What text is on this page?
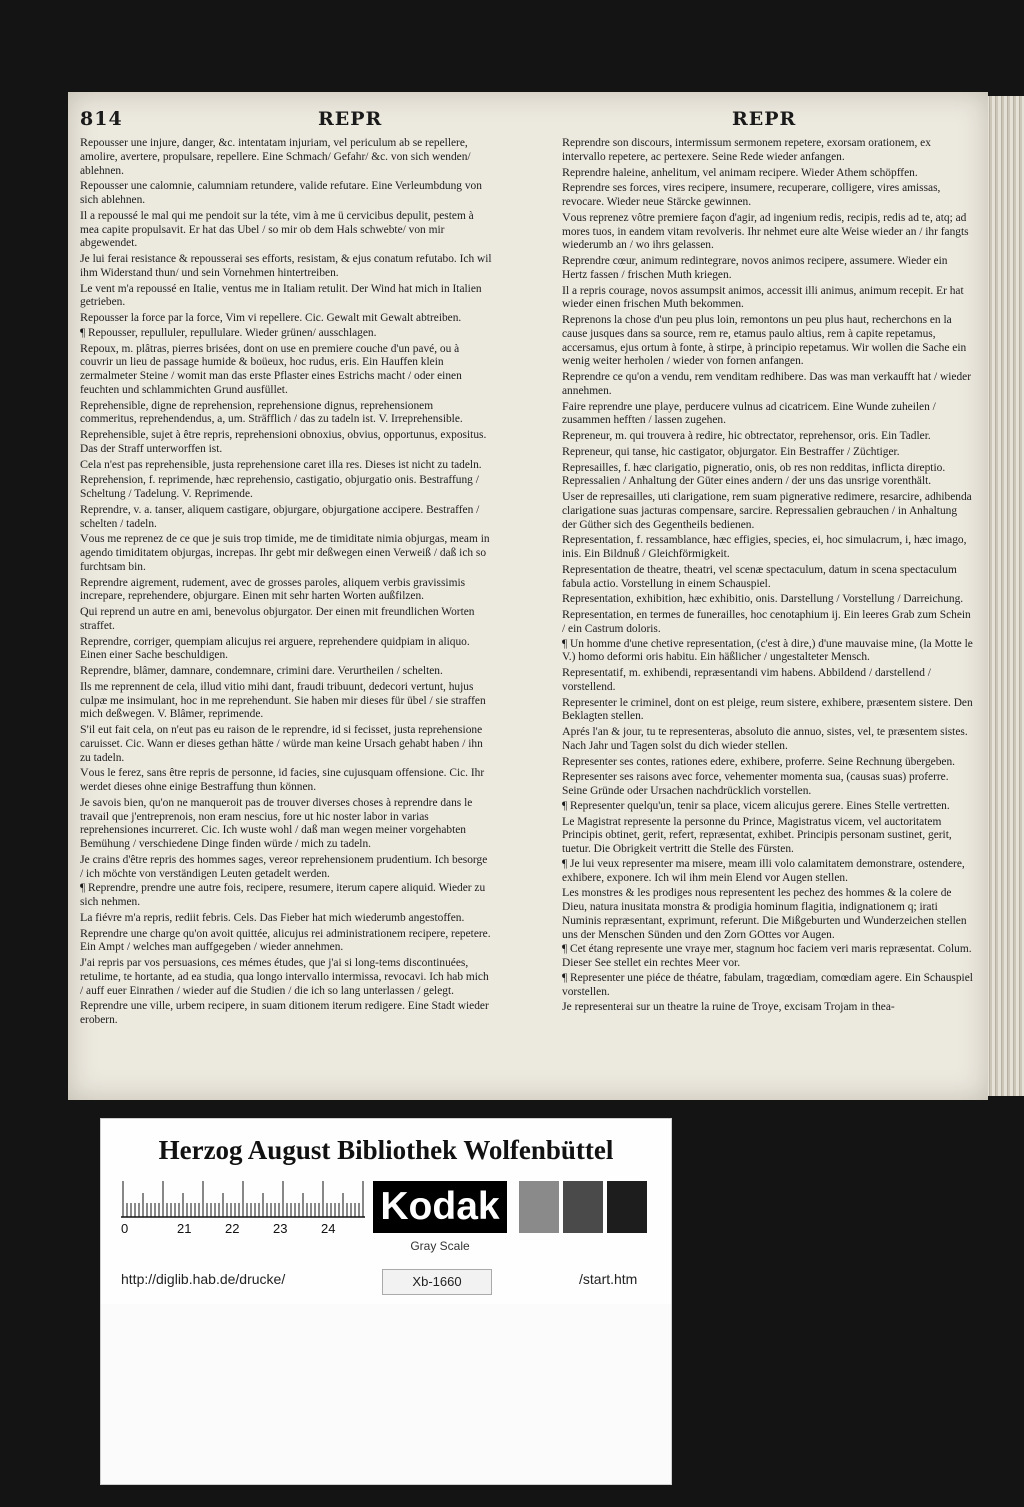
814	REPR	REPR

Repousser une injure, danger, &c. intentatam injuriam, vel periculum ab se repellere, amolire, avertere, propulsare, repellere. Eine Schmach/ Gefahr/ &c. von sich wenden/ ablehnen.

Repousser une calomnie, calumniam retundere, valide refutare. Eine Verleumbdung von sich ablehnen.

Il a repoussé le mal qui me pendoit sur la téte, vim à me ü cervicibus depulit, pestem à mea capite propulsavit. Er hat das Ubel / so mir ob dem Hals schwebte/ von mir abgewendet.

Je lui ferai resistance & repousserai ses efforts, resistam, & ejus conatum refutabo. Ich wil ihm Widerstand thun/ und sein Vornehmen hintertreiben.

Le vent m'a repoussé en Italie, ventus me in Italiam retulit. Der Wind hat mich in Italien getrieben.

Repousser la force par la force, Vim vi repellere. Cic. Gewalt mit Gewalt abtreiben.

¶ Repousser, repulluler, repullulare. Wieder grünen/ ausschlagen.

Repoux, m. plâtras, pierres brisées, dont on use en premiere couche d'un pavé, ou à couvrir un lieu de passage humide & boüeux, hoc rudus, eris. Ein Hauffen klein zermalmeter Steine / womit man das erste Pflaster eines Estrichs macht / oder einen feuchten und schlammichten Grund ausfüllet.

Reprehensible, digne de reprehension, reprehensione dignus, reprehensionem commeritus, reprehendendus, a, um. Sträfflich / das zu tadeln ist. V. Irreprehensible.

Reprehensible, sujet à être repris, reprehensioni obnoxius, obvius, opportunus, expositus. Das der Straff unterworffen ist.

Cela n'est pas reprehensible, justa reprehensione caret illa res. Dieses ist nicht zu tadeln.

Reprehension, f. reprimende, hæc reprehensio, castigatio, objurgatio onis. Bestraffung / Scheltung / Tadelung. V. Reprimende.

Reprendre, v. a. tanser, aliquem castigare, objurgare, objurgatione accipere. Bestraffen / schelten / tadeln.

Vous me reprenez de ce que je suis trop timide, me de timiditate nimia objurgas, meam in agendo timiditatem objurgas, increpas. Ihr gebt mir deßwegen einen Verweiß / daß ich so furchtsam bin.

Reprendre aigrement, rudement, avec de grosses paroles, aliquem verbis gravissimis increpare, reprehendere, objurgare. Einen mit sehr harten Worten außfilzen.

Qui reprend un autre en ami, benevolus objurgator. Der einen mit freundlichen Worten straffet.

Reprendre, corriger, quempiam alicujus rei arguere, reprehendere quidpiam in aliquo. Einen einer Sache beschuldigen.

Reprendre, blâmer, damnare, condemnare, crimini dare. Verurtheilen / schelten.

Ils me reprennent de cela, illud vitio mihi dant, fraudi tribuunt, dedecori vertunt, hujus culpæ me insimulant, hoc in me reprehendunt. Sie haben mir dieses für übel / sie straffen mich deßwegen. V. Blâmer, reprimende.

S'il eut fait cela, on n'eut pas eu raison de le reprendre, id si fecisset, justa reprehensione caruisset. Cic. Wann er dieses gethan hätte / würde man keine Ursach gehabt haben / ihn zu tadeln.

Vous le ferez, sans être repris de personne, id facies, sine cujusquam offensione. Cic. Ihr werdet dieses ohne einige Bestraffung thun können.

Je savois bien, qu'on ne manqueroit pas de trouver diverses choses à reprendre dans le travail que j'entreprenois, non eram nescius, fore ut hic noster labor in varias reprehensiones incurreret. Cic. Ich wuste wohl / daß man wegen meiner vorgehabten Bemühung / verschiedene Dinge finden würde / mich zu tadeln.

Je crains d'être repris des hommes sages, vereor reprehensionem prudentium. Ich besorge / ich möchte von verständigen Leuten getadelt werden.

¶ Reprendre, prendre une autre fois, recipere, resumere, iterum capere aliquid. Wieder zu sich nehmen.

La fiévre m'a repris, rediit febris. Cels. Das Fieber hat mich wiederumb angestoffen.

Reprendre une charge qu'on avoit quittée, alicujus rei administrationem recipere, repetere. Ein Ampt / welches man auffgegeben / wieder annehmen.

J'ai repris par vos persuasions, ces mémes études, que j'ai si long-tems discontinuées, retulime, te hortante, ad ea studia, qua longo intervallo intermissa, revocavi. Ich hab mich / auff euer Einrathen / wieder auf die Studien / die ich so lang unterlassen / gelegt.

Reprendre une ville, urbem recipere, in suam ditionem iterum redigere. Eine Stadt wieder erobern.

Reprendre son discours, intermissum sermonem repetere, exorsam orationem, ex intervallo repetere, ac pertexere. Seine Rede wieder anfangen.

Reprendre haleine, anhelitum, vel animam recipere. Wieder Athem schöpffen.

Reprendre ses forces, vires recipere, insumere, recuperare, colligere, vires amissas, revocare. Wieder neue Stärcke gewinnen.

Vous reprenez vôtre premiere façon d'agir, ad ingenium redis, recipis, redis ad te, atq; ad mores tuos, in eandem vitam revolveris. Ihr nehmet eure alte Weise wieder an / ihr fangts wiederumb an / wo ihrs gelassen.

Reprendre cœur, animum redintegrare, novos animos recipere, assumere. Wieder ein Hertz fassen / frischen Muth kriegen.

Il a repris courage, novos assumpsit animos, accessit illi animus, animum recepit. Er hat wieder einen frischen Muth bekommen.

Reprenons la chose d'un peu plus loin, remontons un peu plus haut, recherchons en la cause jusques dans sa source, rem re, etamus paulo altius, rem à capite repetamus, accersamus, ejus ortum à fonte, à stirpe, à principio repetamus. Wir wollen die Sache ein wenig weiter herholen / wieder von fornen anfangen.

Reprendre ce qu'on a vendu, rem venditam redhibere. Das was man verkaufft hat / wieder annehmen.

Faire reprendre une playe, perducere vulnus ad cicatricem. Eine Wunde zuheilen / zusammen hefften / lassen zugehen.

Repreneur, m. qui trouvera à redire, hic obtrectator, reprehensor, oris. Ein Tadler.

Repreneur, qui tanse, hic castigator, objurgator. Ein Bestraffer / Züchtiger.

Represailles, f. hæc clarigatio, pigneratio, onis, ob res non redditas, inflicta direptio. Repressalien / Anhaltung der Güter eines andern / der uns das unsrige vorenthält.

User de represailles, uti clarigatione, rem suam pignerative redimere, resarcire, adhibenda clarigatione suas jacturas compensare, sarcire. Repressalien gebrauchen / in Anhaltung der Güther sich des Gegentheils bedienen.

Representation, f. ressamblance, hæc effigies, species, ei, hoc simulacrum, i, hæc imago, inis. Ein Bildnuß / Gleichförmigkeit.

Representation de theatre, theatri, vel scenæ spectaculum, datum in scena spectaculum fabula actio. Vorstellung in einem Schauspiel.

Representation, exhibition, hæc exhibitio, onis. Darstellung / Vorstellung / Darreichung.

Representation, en termes de funerailles, hoc cenotaphium ij. Ein leeres Grab zum Schein / ein Castrum doloris.

¶ Un homme d'une chetive representation, (c'est à dire,) d'une mauvaise mine, (la Motte le V.) homo deformi oris habitu. Ein häßlicher / ungestalteter Mensch.

Representatif, m. exhibendi, repræsentandi vim habens. Abbildend / darstellend / vorstellend.

Representer le criminel, dont on est pleige, reum sistere, exhibere, præsentem sistere. Den Beklagten stellen.

Aprés l'an & jour, tu te representeras, absoluto die annuo, sistes, vel, te præsentem sistes. Nach Jahr und Tagen solst du dich wieder stellen.

Representer ses contes, rationes edere, exhibere, proferre. Seine Rechnung übergeben.

Representer ses raisons avec force, vehementer momenta sua, (causas suas) proferre. Seine Gründe oder Ursachen nachdrücklich vorstellen.

¶ Representer quelqu'un, tenir sa place, vicem alicujus gerere. Eines Stelle vertretten.

Le Magistrat represente la personne du Prince, Magistratus vicem, vel auctoritatem Principis obtinet, gerit, refert, repræsentat, exhibet. Principis personam sustinet, gerit, tuetur. Die Obrigkeit vertritt die Stelle des Fürsten.

¶ Je lui veux representer ma misere, meam illi volo calamitatem demonstrare, ostendere, exhibere, exponere. Ich wil ihm mein Elend vor Augen stellen.

Les monstres & les prodiges nous representent les pechez des hommes & la colere de Dieu, natura inusitata monstra & prodigia hominum flagitia, indignationem q; irati Numinis repræsentant, exprimunt, referunt. Die Mißgeburten und Wunderzeichen stellen uns der Menschen Sünden und den Zorn GOttes vor Augen.

¶ Cet étang represente une vraye mer, stagnum hoc faciem veri maris repræsentat. Colum. Dieser See stellet ein rechtes Meer vor.

¶ Representer une piéce de théatre, fabulam, tragœdiam, comœdiam agere. Ein Schauspiel vorstellen.

Je representerai sur un theatre la ruine de Troye, excisam Trojam in thea-

Herzog August Bibliothek Wolfenbüttel
0	21	22	23	24
Kodak
Gray Scale
http://diglib.hab.de/drucke/	Xb-1660	/start.htm
